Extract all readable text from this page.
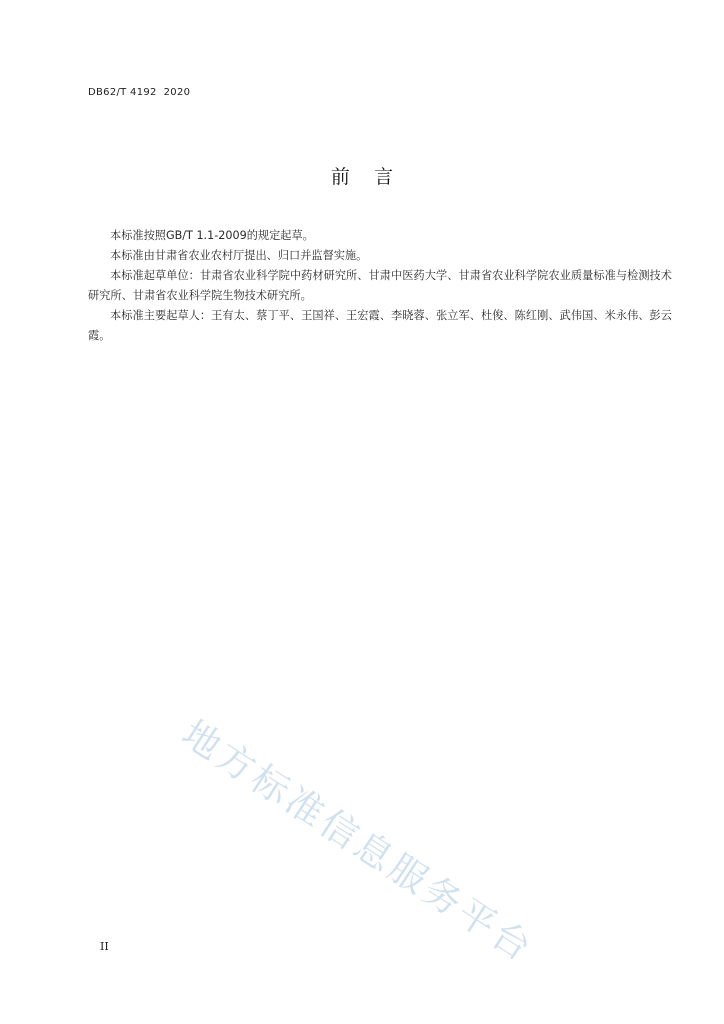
DB62/T 4192  2020
前    言

本标准按照GB/T 1.1-2009的规定起草。

本标准由甘肃省农业农村厅提出、归口并监督实施。

本标准起草单位：甘肃省农业科学院中药材研究所、甘肃中医药大学、甘肃省农业科学院农业质量标准与检测技术研究所、甘肃省农业科学院生物技术研究所。

本标准主要起草人：王有太、蔡丁平、王国祥、王宏霞、李晓蓉、张立军、杜俊、陈红刚、武伟国、米永伟、彭云霞。

地方标准信息服务平台
II
